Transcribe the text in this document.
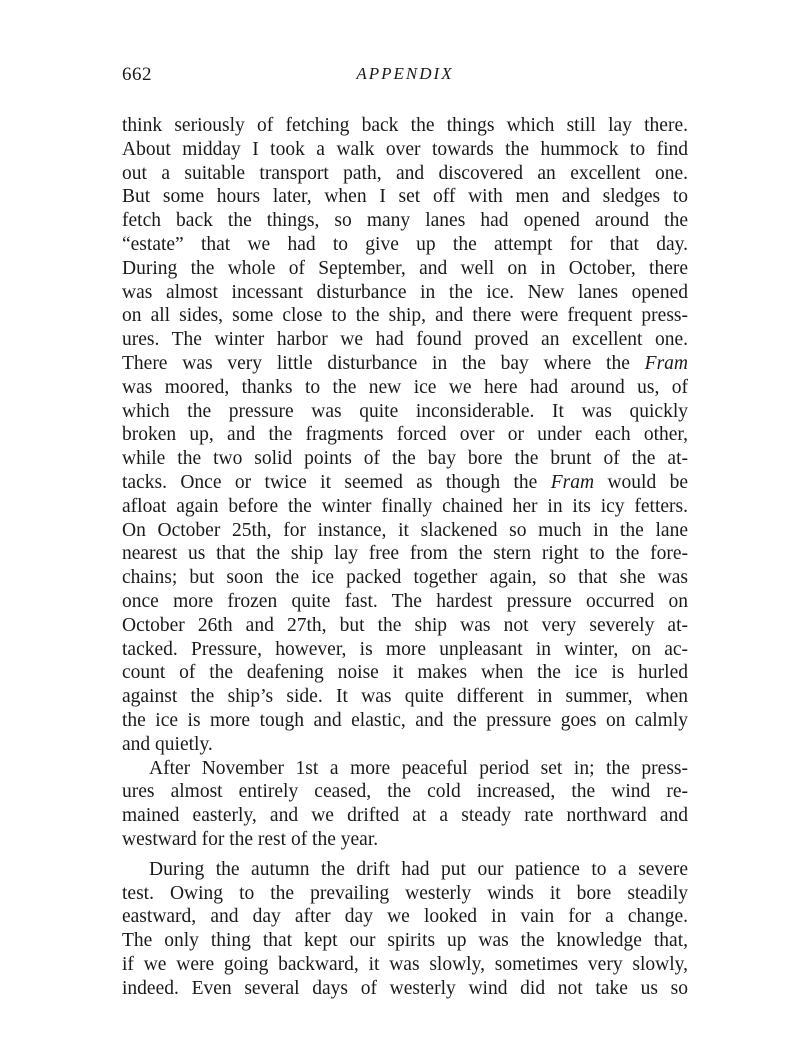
662	APPENDIX
think seriously of fetching back the things which still lay there.
About midday I took a walk over towards the hummock to find
out a suitable transport path, and discovered an excellent one.
But some hours later, when I set off with men and sledges to
fetch back the things, so many lanes had opened around the
“estate” that we had to give up the attempt for that day.
During the whole of September, and well on in October, there
was almost incessant disturbance in the ice. New lanes opened
on all sides, some close to the ship, and there were frequent press-
ures. The winter harbor we had found proved an excellent one.
There was very little disturbance in the bay where the Fram
was moored, thanks to the new ice we here had around us, of
which the pressure was quite inconsiderable. It was quickly
broken up, and the fragments forced over or under each other,
while the two solid points of the bay bore the brunt of the at-
tacks. Once or twice it seemed as though the Fram would be
afloat again before the winter finally chained her in its icy fetters.
On October 25th, for instance, it slackened so much in the lane
nearest us that the ship lay free from the stern right to the fore-
chains; but soon the ice packed together again, so that she was
once more frozen quite fast. The hardest pressure occurred on
October 26th and 27th, but the ship was not very severely at-
tacked. Pressure, however, is more unpleasant in winter, on ac-
count of the deafening noise it makes when the ice is hurled
against the ship’s side. It was quite different in summer, when
the ice is more tough and elastic, and the pressure goes on calmly
and quietly.
After November 1st a more peaceful period set in; the press-
ures almost entirely ceased, the cold increased, the wind re-
mained easterly, and we drifted at a steady rate northward and
westward for the rest of the year.
During the autumn the drift had put our patience to a severe
test. Owing to the prevailing westerly winds it bore steadily
eastward, and day after day we looked in vain for a change.
The only thing that kept our spirits up was the knowledge that,
if we were going backward, it was slowly, sometimes very slowly,
indeed. Even several days of westerly wind did not take us so
